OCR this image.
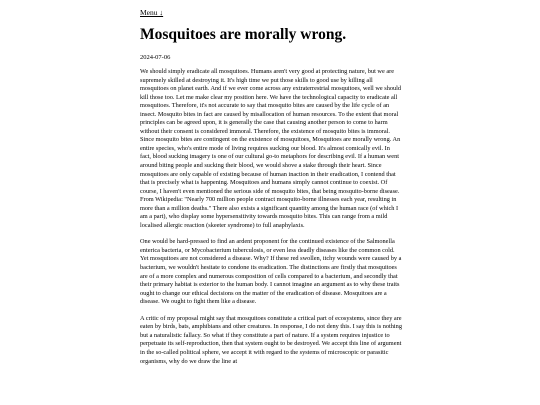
Menu ↓
Mosquitoes are morally wrong.
2024-07-06

We should simply eradicate all mosquitoes. Humans aren't very good at protecting nature, but we are supremely skilled at destroying it. It's high time we put those skills to good use by killing all mosquitoes on planet earth. And if we ever come across any extraterrestrial mosquitoes, well we should kill those too. Let me make clear my position here. We have the technological capacity to eradicate all mosquitoes. Therefore, it's not accurate to say that mosquito bites are caused by the life cycle of an insect. Mosquito bites in fact are caused by misallocation of human resources. To the extent that moral principles can be agreed upon, it is generally the case that causing another person to come to harm without their consent is considered immoral. Therefore, the existence of mosquito bites is immoral. Since mosquito bites are contingent on the existence of mosquitoes, Mosquitoes are morally wrong. An entire species, who's entire mode of living requires sucking our blood. It's almost comically evil. In fact, blood sucking imagery is one of our cultural go-to metaphors for describing evil. If a human went around biting people and sucking their blood, we would shove a stake through their heart. Since mosquitoes are only capable of existing because of human inaction in their eradication, I contend that that is precisely what is happening. Mosquitoes and humans simply cannot continue to coexist. Of course, I haven't even mentioned the serious side of mosquito bites, that being mosquito-borne disease. From Wikipedia: "Nearly 700 million people contract mosquito-borne illnesses each year, resulting in more than a million deaths." There also exists a significant quantity among the human race (of which I am a part), who display some hypersensitivity towards mosquito bites. This can range from a mild localised allergic reaction (skeeter syndrome) to full anaphylaxis.

One would be hard-pressed to find an ardent proponent for the continued existence of the Salmonella enterica bacteria, or Mycobacterium tuberculosis, or even less deadly diseases like the common cold. Yet mosquitoes are not considered a disease. Why? If these red swollen, itchy wounds were caused by a bacterium, we wouldn't hesitate to condone its eradication. The distinctions are firstly that mosquitoes are of a more complex and numerous composition of cells compared to a bacterium, and secondly that their primary habitat is exterior to the human body. I cannot imagine an argument as to why these traits ought to change our ethical decisions on the matter of the eradication of disease. Mosquitoes are a disease. We ought to fight them like a disease.

A critic of my proposal might say that mosquitoes constitute a critical part of ecosystems, since they are eaten by birds, bats, amphibians and other creatures. In response, I do not deny this. I say this is nothing but a naturalistic fallacy. So what if they constitute a part of nature. If a system requires injustice to perpetuate its self-reproduction, then that system ought to be destroyed. We accept this line of argument in the so-called political sphere, we accept it with regard to the systems of microscopic or parasitic organisms, why do we draw the line at
